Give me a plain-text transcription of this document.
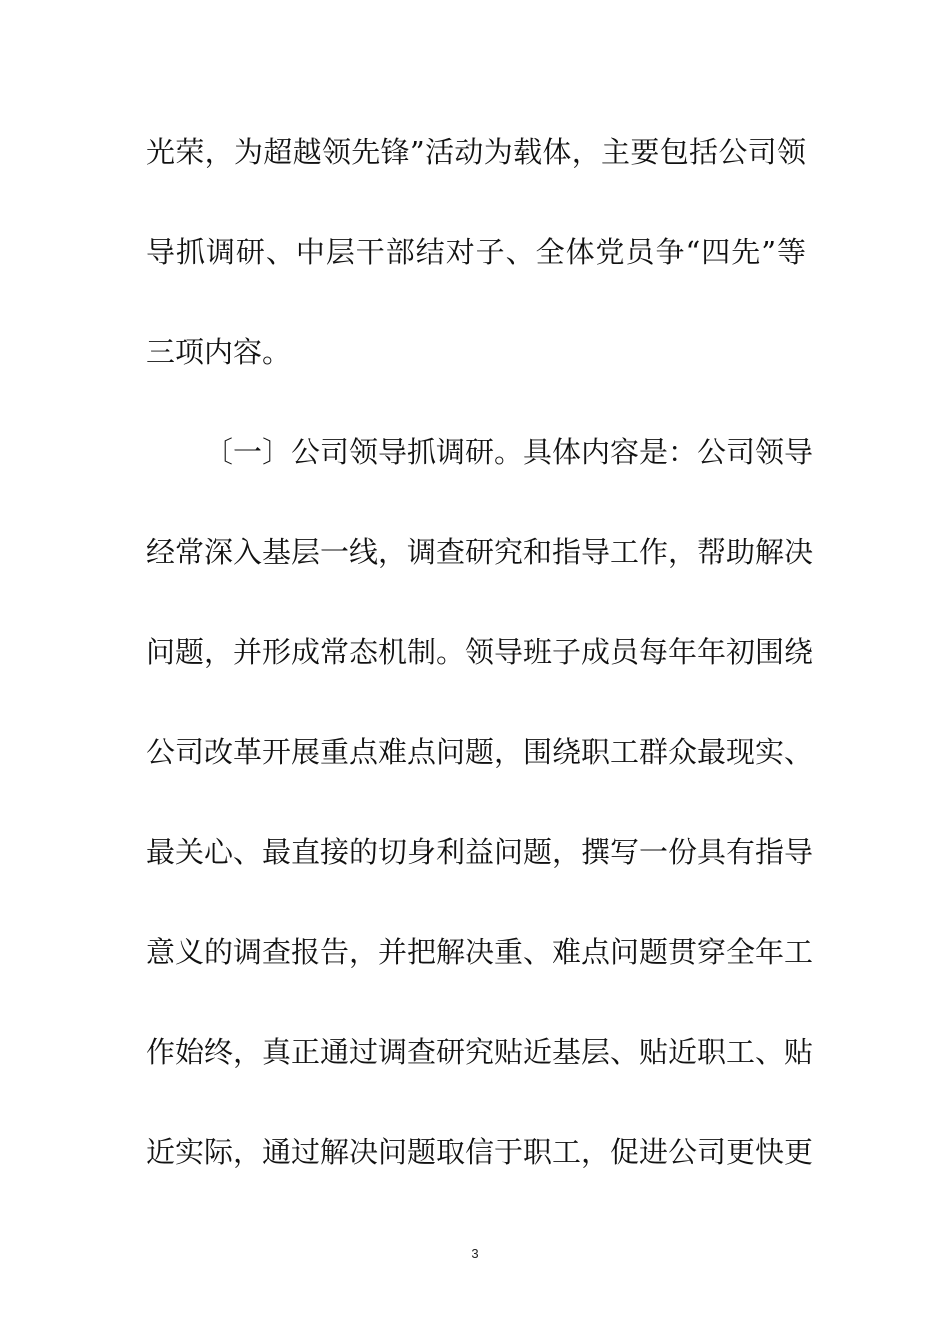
光荣，为超越领先锋”活动为载体，主要包括公司领
导抓调研、中层干部结对子、全体党员争“四先”等
三项内容。
〔一〕公司领导抓调研。具体内容是：公司领导
经常深入基层一线，调查研究和指导工作，帮助解决
问题，并形成常态机制。领导班子成员每年年初围绕
公司改革开展重点难点问题，围绕职工群众最现实、
最关心、最直接的切身利益问题，撰写一份具有指导
意义的调查报告，并把解决重、难点问题贯穿全年工
作始终，真正通过调查研究贴近基层、贴近职工、贴
近实际，通过解决问题取信于职工，促进公司更快更
3
